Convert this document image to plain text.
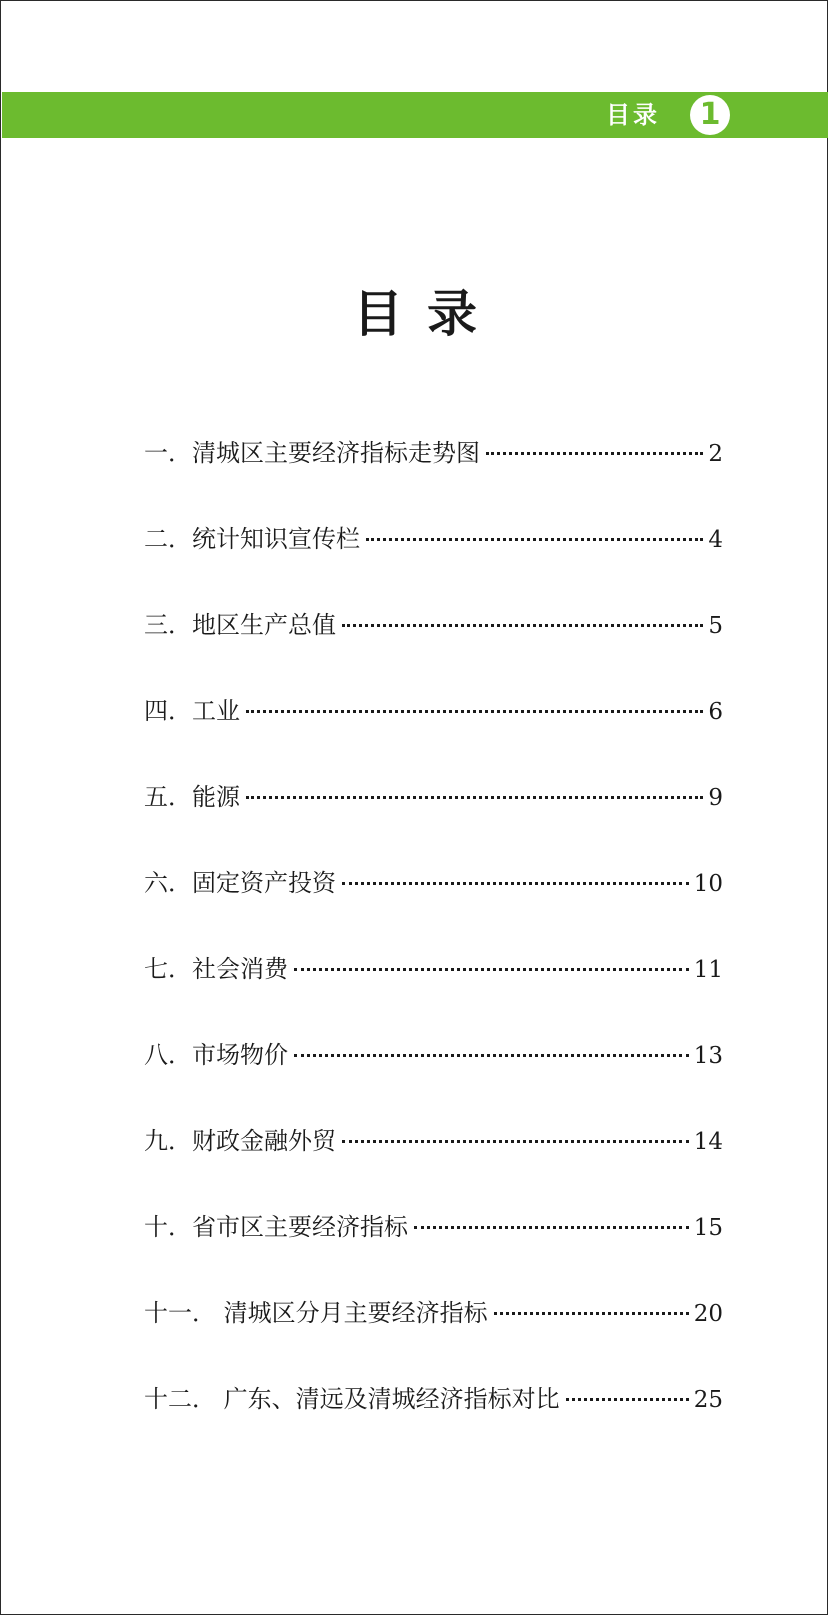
目录	1
目录
一．清城区主要经济指标走势图	2
二．统计知识宣传栏	4
三．地区生产总值	5
四．工业	6
五．能源	9
六．固定资产投资	10
七．社会消费	11
八．市场物价	13
九．财政金融外贸	14
十．省市区主要经济指标	15
十一． 清城区分月主要经济指标	20
十二． 广东、清远及清城经济指标对比	25
